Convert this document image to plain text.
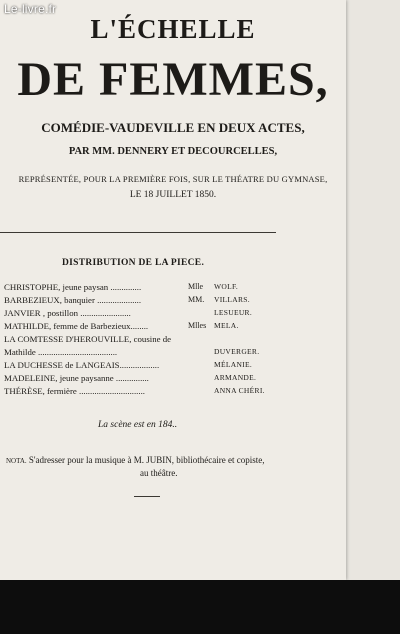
L'ÉCHELLE
DE FEMMES,
COMÉDIE-VAUDEVILLE EN DEUX ACTES,
PAR MM. DENNERY ET DECOURCELLES,
REPRÉSENTÉE, POUR LA PREMIÈRE FOIS, SUR LE THÉATRE DU GYMNASE,
LE 18 JUILLET 1850.
DISTRIBUTION DE LA PIECE.
CHRISTOPHE, jeune paysan ..............	Mlle WOLF.
BARBEZIEUX, banquier ....................	MM. VILLARS.
JANVIER , postillon .......................	LESUEUR.
MATHILDE, femme de Barbezieux........	Mlles MELA.
LA COMTESSE D'HEROUVILLE, cousine de
Mathilde ....................................	DUVERGER.
LA DUCHESSE de LANGEAIS..................	MÉLANIE.
MADELEINE, jeune paysanne ...............	ARMANDE.
THÉRÈSE, fermière ..............................	ANNA CHÉRI.
La scène est en 184..
NOTA. S'adresser pour la musique à M. JUBIN, bibliothécaire et copiste,
au théâtre.
Le-livre.fr
